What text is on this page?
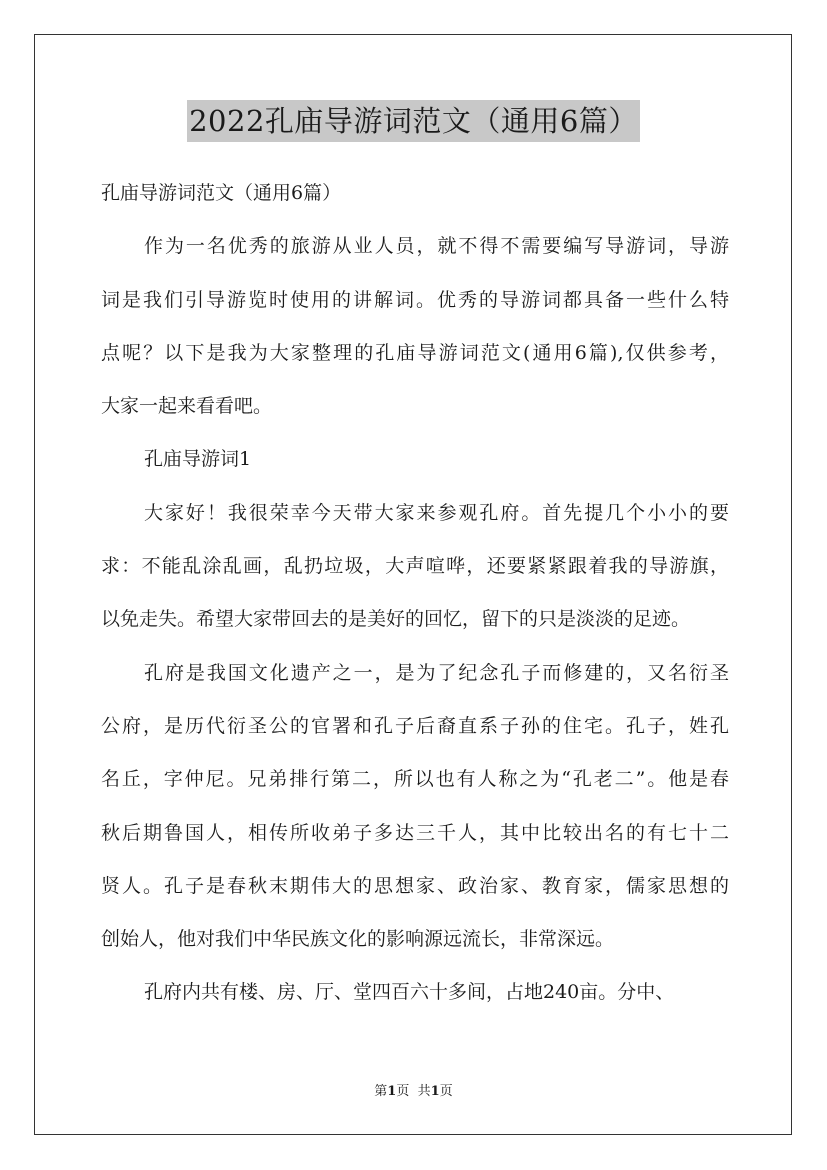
2022孔庙导游词范文（通用6篇）
孔庙导游词范文（通用6篇）
作为一名优秀的旅游从业人员，就不得不需要编写导游词，导游
词是我们引导游览时使用的讲解词。优秀的导游词都具备一些什么特
点呢？以下是我为大家整理的孔庙导游词范文(通用6篇),仅供参考，
大家一起来看看吧。
孔庙导游词1
大家好！我很荣幸今天带大家来参观孔府。首先提几个小小的要
求：不能乱涂乱画，乱扔垃圾，大声喧哗，还要紧紧跟着我的导游旗，
以免走失。希望大家带回去的是美好的回忆，留下的只是淡淡的足迹。
孔府是我国文化遗产之一，是为了纪念孔子而修建的，又名衍圣
公府，是历代衍圣公的官署和孔子后裔直系子孙的住宅。孔子，姓孔
名丘，字仲尼。兄弟排行第二，所以也有人称之为“孔老二”。他是春
秋后期鲁国人，相传所收弟子多达三千人，其中比较出名的有七十二
贤人。孔子是春秋末期伟大的思想家、政治家、教育家，儒家思想的
创始人，他对我们中华民族文化的影响源远流长，非常深远。
孔府内共有楼、房、厅、堂四百六十多间，占地240亩。分中、
第1页 共1页
